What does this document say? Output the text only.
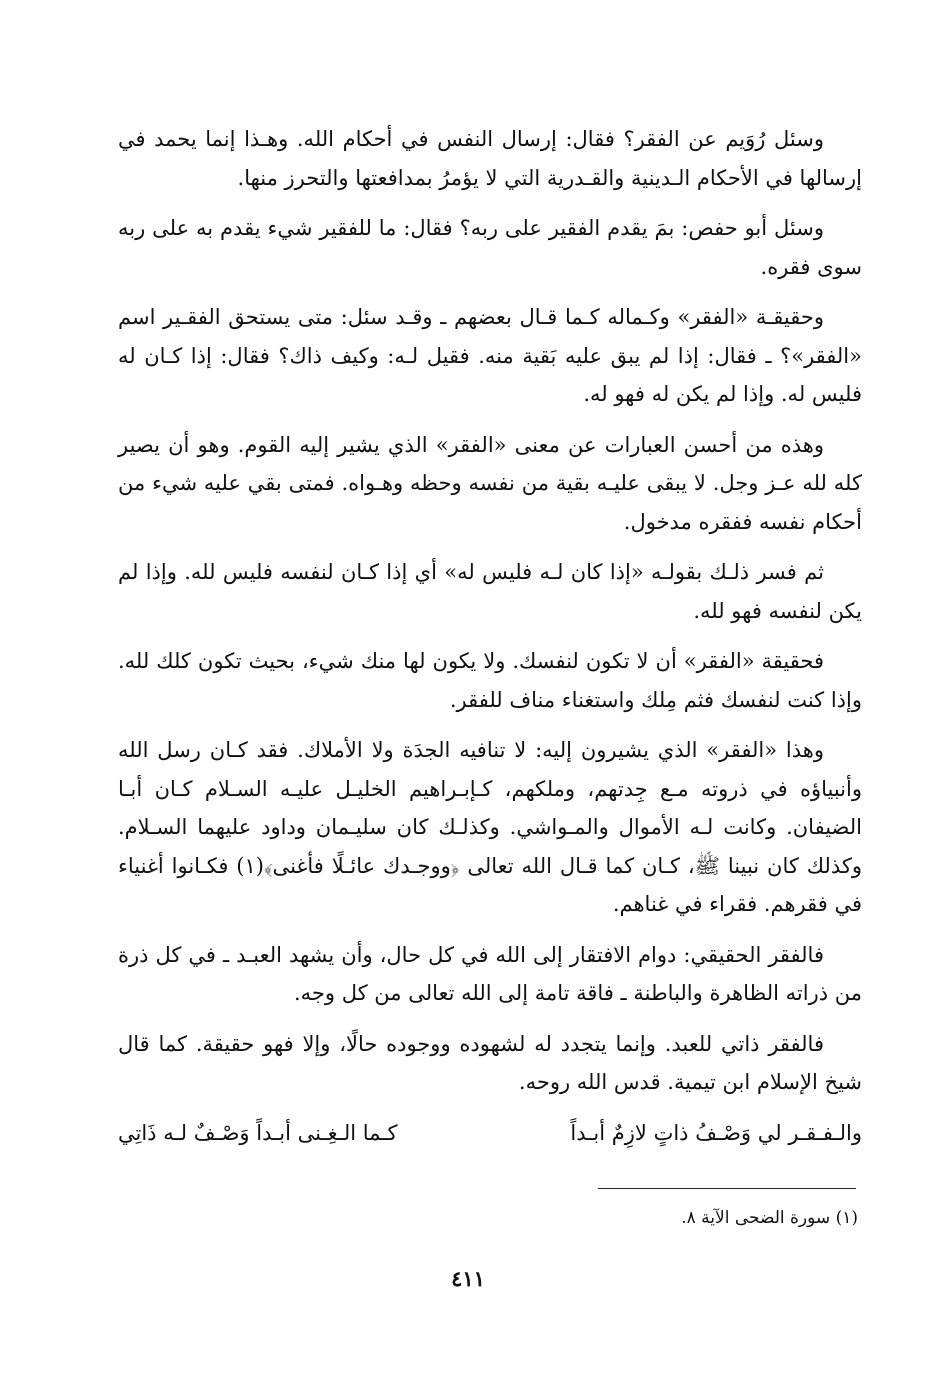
وسئل رُوَيم عن الفقر؟ فقال: إرسال النفس في أحكام الله. وهـذا إنما يحمد في إرسالها في الأحكام الـدينية والقـدرية التي لا يؤمرُ بمدافعتها والتحرز منها.

وسئل أبو حفص: بمَ يقدم الفقير على ربه؟ فقال: ما للفقير شيء يقدم به على ربه سوى فقره.

وحقيقـة «الفقر» وكـماله كـما قـال بعضهم ـ وقـد سئل: متى يستحق الفقـير اسم «الفقر»؟ ـ فقال: إذا لم يبق عليه بَقية منه. فقيل لـه: وكيف ذاك؟ فقال: إذا كـان له فليس له. وإذا لم يكن له فهو له.

وهذه من أحسن العبارات عن معنى «الفقر» الذي يشير إليه القوم. وهو أن يصير كله لله عـز وجل. لا يبقى عليـه بقية من نفسه وحظه وهـواه. فمتى بقي عليه شيء من أحكام نفسه ففقره مدخول.

ثم فسر ذلـك بقولـه «إذا كان لـه فليس له» أي إذا كـان لنفسه فليس لله. وإذا لم يكن لنفسه فهو لله.

فحقيقة «الفقر» أن لا تكون لنفسك. ولا يكون لها منك شيء، بحيث تكون كلك لله. وإذا كنت لنفسك فثم مِلك واستغناء مناف للفقر.

وهذا «الفقر» الذي يشيرون إليه: لا تنافيه الجدَة ولا الأملاك. فقد كـان رسل الله وأنبياؤه في ذروته مـع جِدتهم، وملكهم، كـإبـراهيم الخليـل عليـه السـلام كـان أبـا الضيفان. وكانت لـه الأموال والمـواشي. وكذلـك كان سليـمان وداود عليهما السـلام. وكذلك كان نبينا ﷺ، كـان كما قـال الله تعالى ﴿ووجـدك عائـلًا فأغنى﴾(١) فكـانوا أغنياء في فقرهم. فقراء في غناهم.

فالفقر الحقيقي: دوام الافتقار إلى الله في كل حال، وأن يشهد العبـد ـ في كل ذرة من ذراته الظاهرة والباطنة ـ فاقة تامة إلى الله تعالى من كل وجه.

فالفقر ذاتي للعبد. وإنما يتجدد له لشهوده ووجوده حالًا، وإلا فهو حقيقة. كما قال شيخ الإسلام ابن تيمية. قدس الله روحه.

والـفـقـر لي وَصْـفُ ذاتٍ لازِمٌ أبـداً
كـما الـغِـنى أبـداً وَصْـفٌ لـه ذَاتِي
(١) سورة الضحى الآية ٨.
٤١١
